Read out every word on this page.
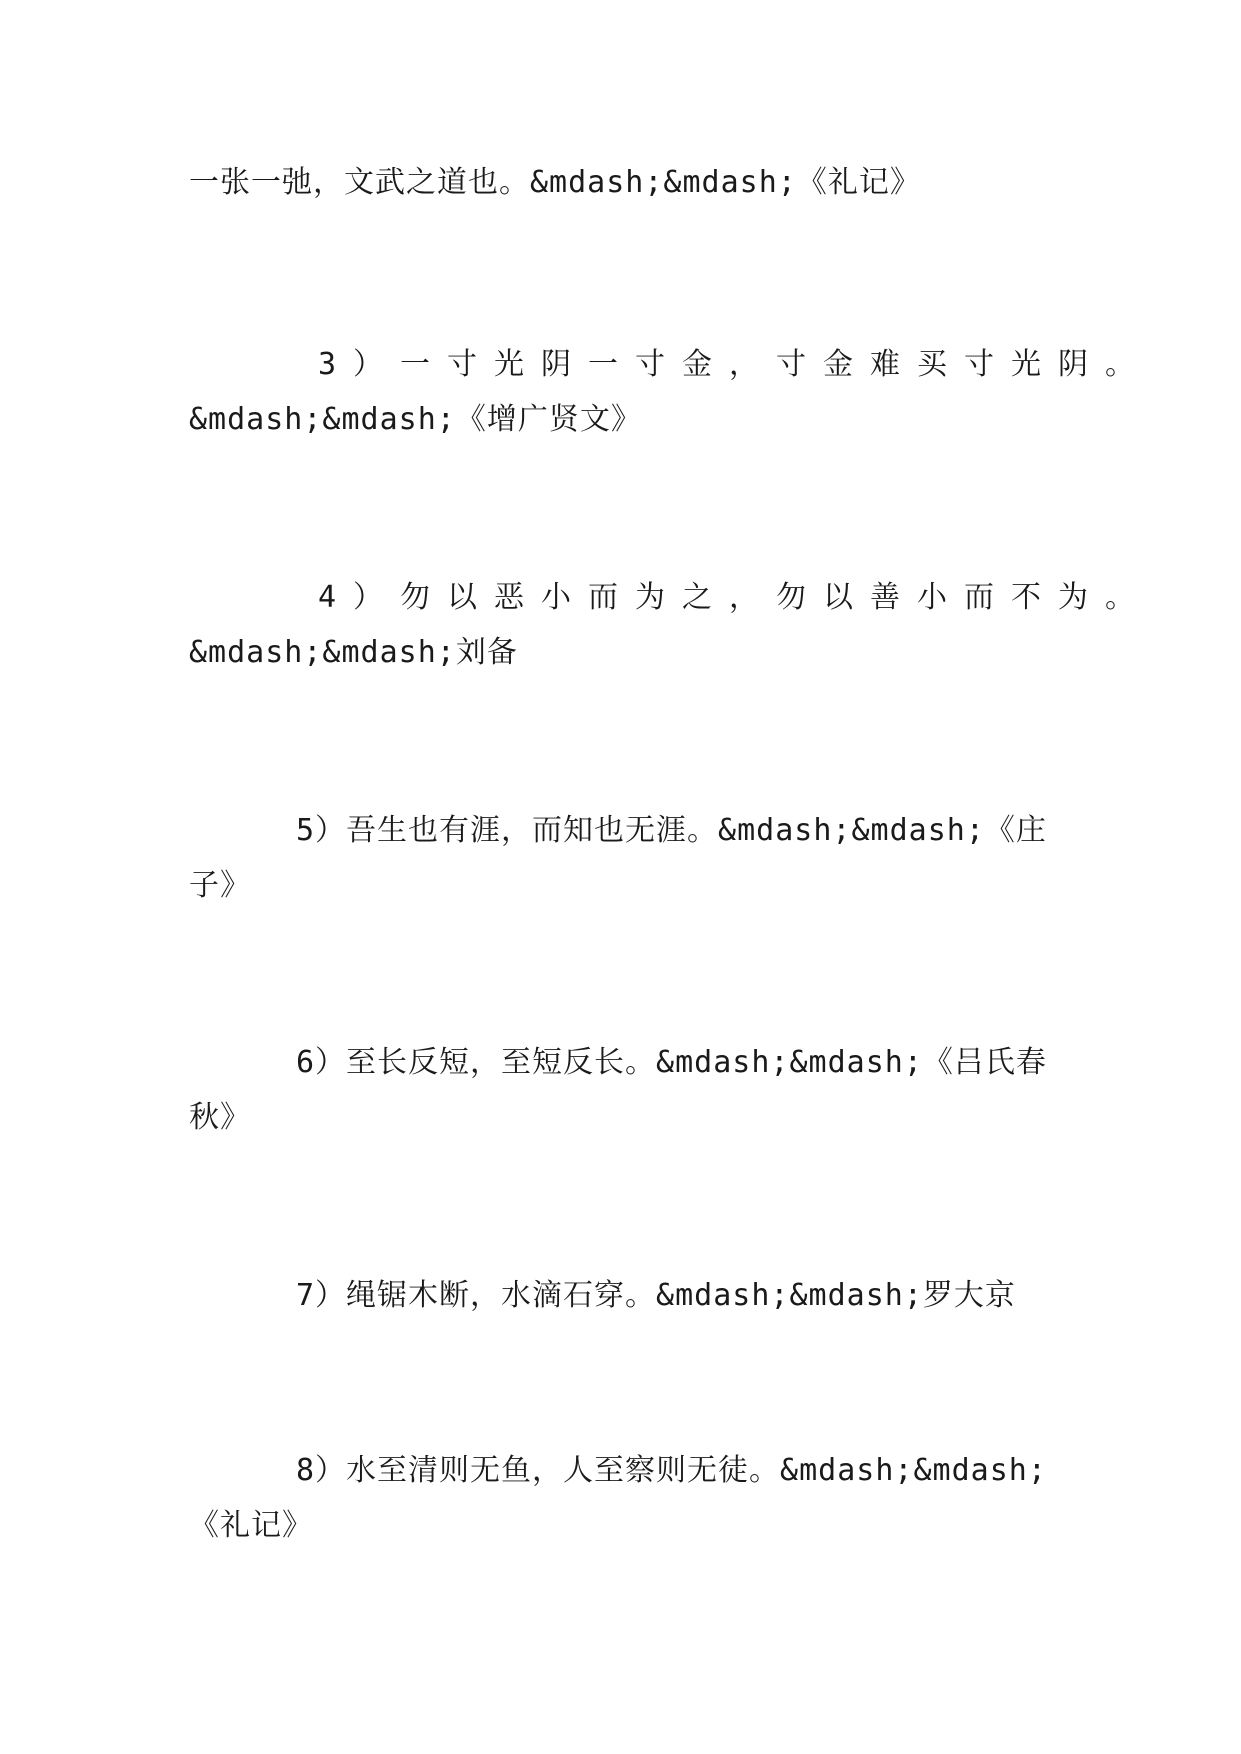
一张一弛，文武之道也。&mdash;&mdash;《礼记》
3）一寸光阴一寸金，寸金难买寸光阴。
&mdash;&mdash;《增广贤文》
4）勿以恶小而为之，勿以善小而不为。
&mdash;&mdash;刘备
5）吾生也有涯，而知也无涯。&mdash;&mdash;《庄
子》
6）至长反短，至短反长。&mdash;&mdash;《吕氏春
秋》
7）绳锯木断，水滴石穿。&mdash;&mdash;罗大京
8）水至清则无鱼，人至察则无徒。&mdash;&mdash;
《礼记》
